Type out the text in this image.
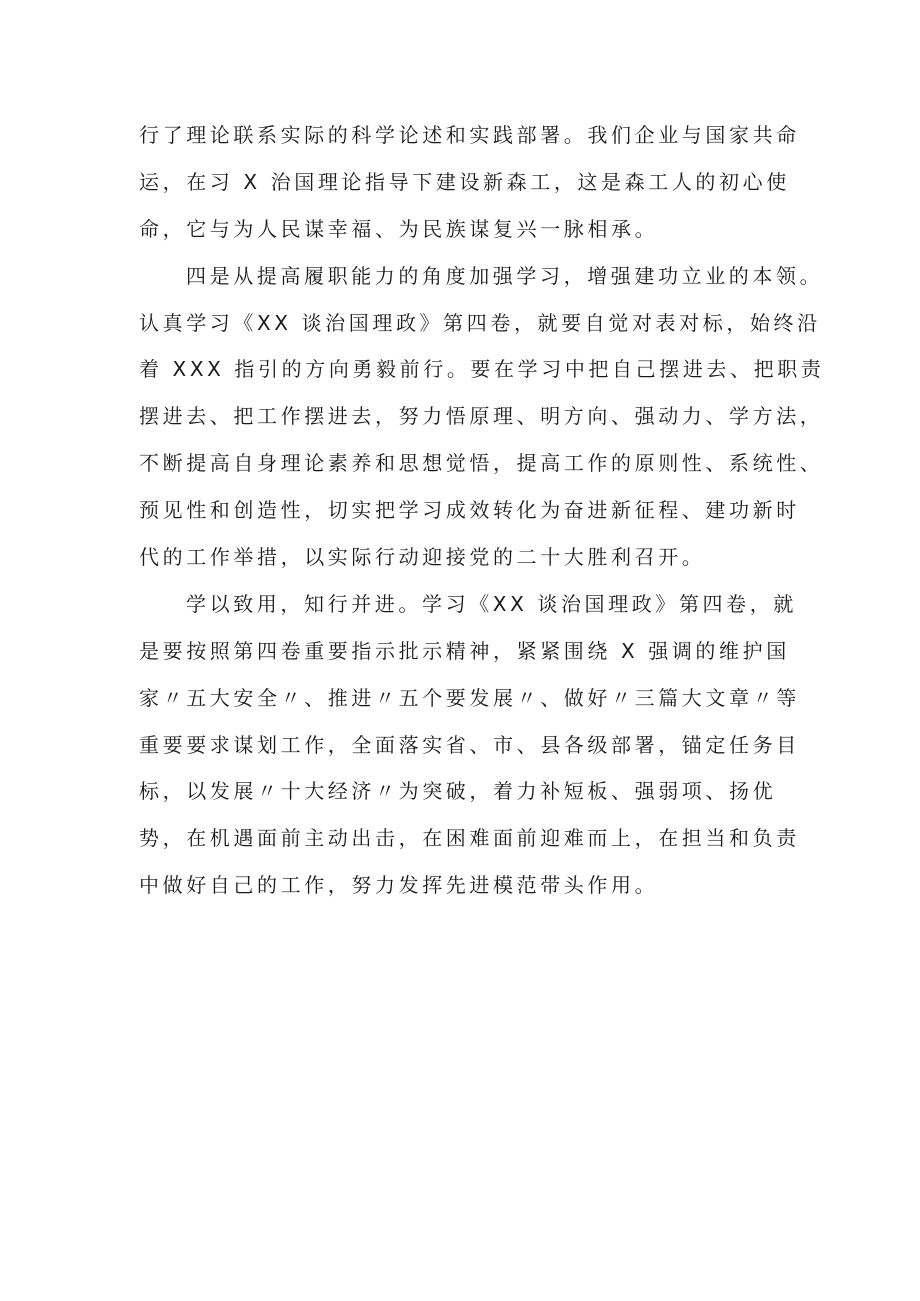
行了理论联系实际的科学论述和实践部署。我们企业与国家共命
运，在习 X 治国理论指导下建设新森工，这是森工人的初心使
命，它与为人民谋幸福、为民族谋复兴一脉相承。
四是从提高履职能力的角度加强学习，增强建功立业的本领。
认真学习《XX 谈治国理政》第四卷，就要自觉对表对标，始终沿
着 XXX 指引的方向勇毅前行。要在学习中把自己摆进去、把职责
摆进去、把工作摆进去，努力悟原理、明方向、强动力、学方法，
不断提高自身理论素养和思想觉悟，提高工作的原则性、系统性、
预见性和创造性，切实把学习成效转化为奋进新征程、建功新时
代的工作举措，以实际行动迎接党的二十大胜利召开。
学以致用，知行并进。学习《XX 谈治国理政》第四卷，就
是要按照第四卷重要指示批示精神，紧紧围绕 X 强调的维护国
家〃五大安全〃、推进〃五个要发展〃、做好〃三篇大文章〃等
重要要求谋划工作，全面落实省、市、县各级部署，锚定任务目
标，以发展〃十大经济〃为突破，着力补短板、强弱项、扬优
势，在机遇面前主动出击，在困难面前迎难而上，在担当和负责
中做好自己的工作，努力发挥先进模范带头作用。
